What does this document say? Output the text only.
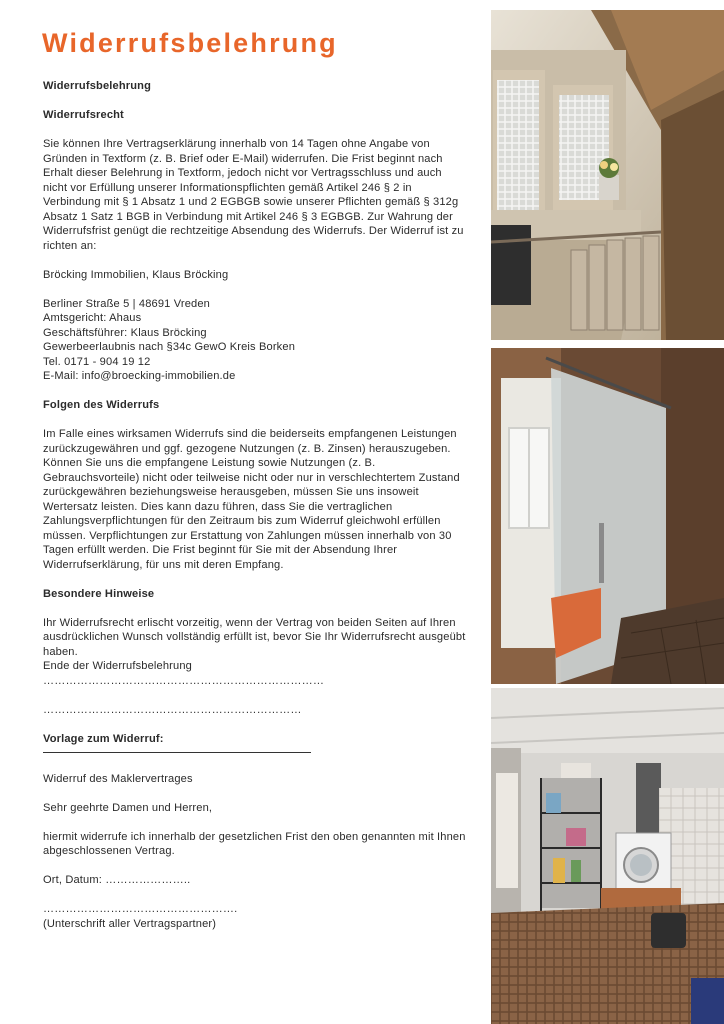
Widerrufsbelehrung

Widerrufsbelehrung

Widerrufsrecht

Sie können Ihre Vertragserklärung innerhalb von 14 Tagen ohne Angabe von Gründen in Textform (z. B. Brief oder E-Mail) widerrufen. Die Frist beginnt nach Erhalt dieser Belehrung in Textform, jedoch nicht vor Vertragsschluss und auch nicht vor Erfüllung unserer Informationspflichten gemäß Artikel 246 § 2 in Verbindung mit § 1 Absatz 1 und 2 EGBGB sowie unserer Pflichten gemäß § 312g Absatz 1 Satz 1 BGB in Verbindung mit Artikel 246 § 3 EGBGB. Zur Wahrung der Widerrufsfrist genügt die rechtzeitige Absendung des Widerrufs. Der Widerruf ist zu richten an:

Bröcking Immobilien, Klaus Bröcking

Berliner Straße 5 | 48691 Vreden
Amtsgericht: Ahaus
Geschäftsführer: Klaus Bröcking
Gewerbeerlaubnis nach §34c GewO Kreis Borken
Tel. 0171 - 904 19 12
E-Mail: info@broecking-immobilien.de

Folgen des Widerrufs

Im Falle eines wirksamen Widerrufs sind die beiderseits empfangenen Leistungen zurückzugewähren und ggf. gezogene Nutzungen (z. B. Zinsen) herauszugeben. Können Sie uns die empfangene Leistung sowie Nutzungen (z. B. Gebrauchsvorteile) nicht oder teilweise nicht oder nur in verschlechtertem Zustand zurückgewähren beziehungsweise herausgeben, müssen Sie uns insoweit Wertersatz leisten. Dies kann dazu führen, dass Sie die vertraglichen Zahlungsverpflichtungen für den Zeitraum bis zum Widerruf gleichwohl erfüllen müssen. Verpflichtungen zur Erstattung von Zahlungen müssen innerhalb von 30 Tagen erfüllt werden. Die Frist beginnt für Sie mit der Absendung Ihrer Widerrufserklärung, für uns mit deren Empfang.

Besondere Hinweise

Ihr Widerrufsrecht erlischt vorzeitig, wenn der Vertrag von beiden Seiten auf Ihren ausdrücklichen Wunsch vollständig erfüllt ist, bevor Sie Ihr Widerrufsrecht ausgeübt haben.

Ende der Widerrufsbelehrung

…………………………………………………………………

……………………………………………………………

Vorlage zum Widerruf:

Widerruf des Maklervertrages

Sehr geehrte Damen und Herren,

hiermit widerrufe ich innerhalb der gesetzlichen Frist den oben genannten mit Ihnen abgeschlossenen Vertrag.

Ort, Datum: …………………..

…………………………………………….

(Unterschrift aller Vertragspartner)
